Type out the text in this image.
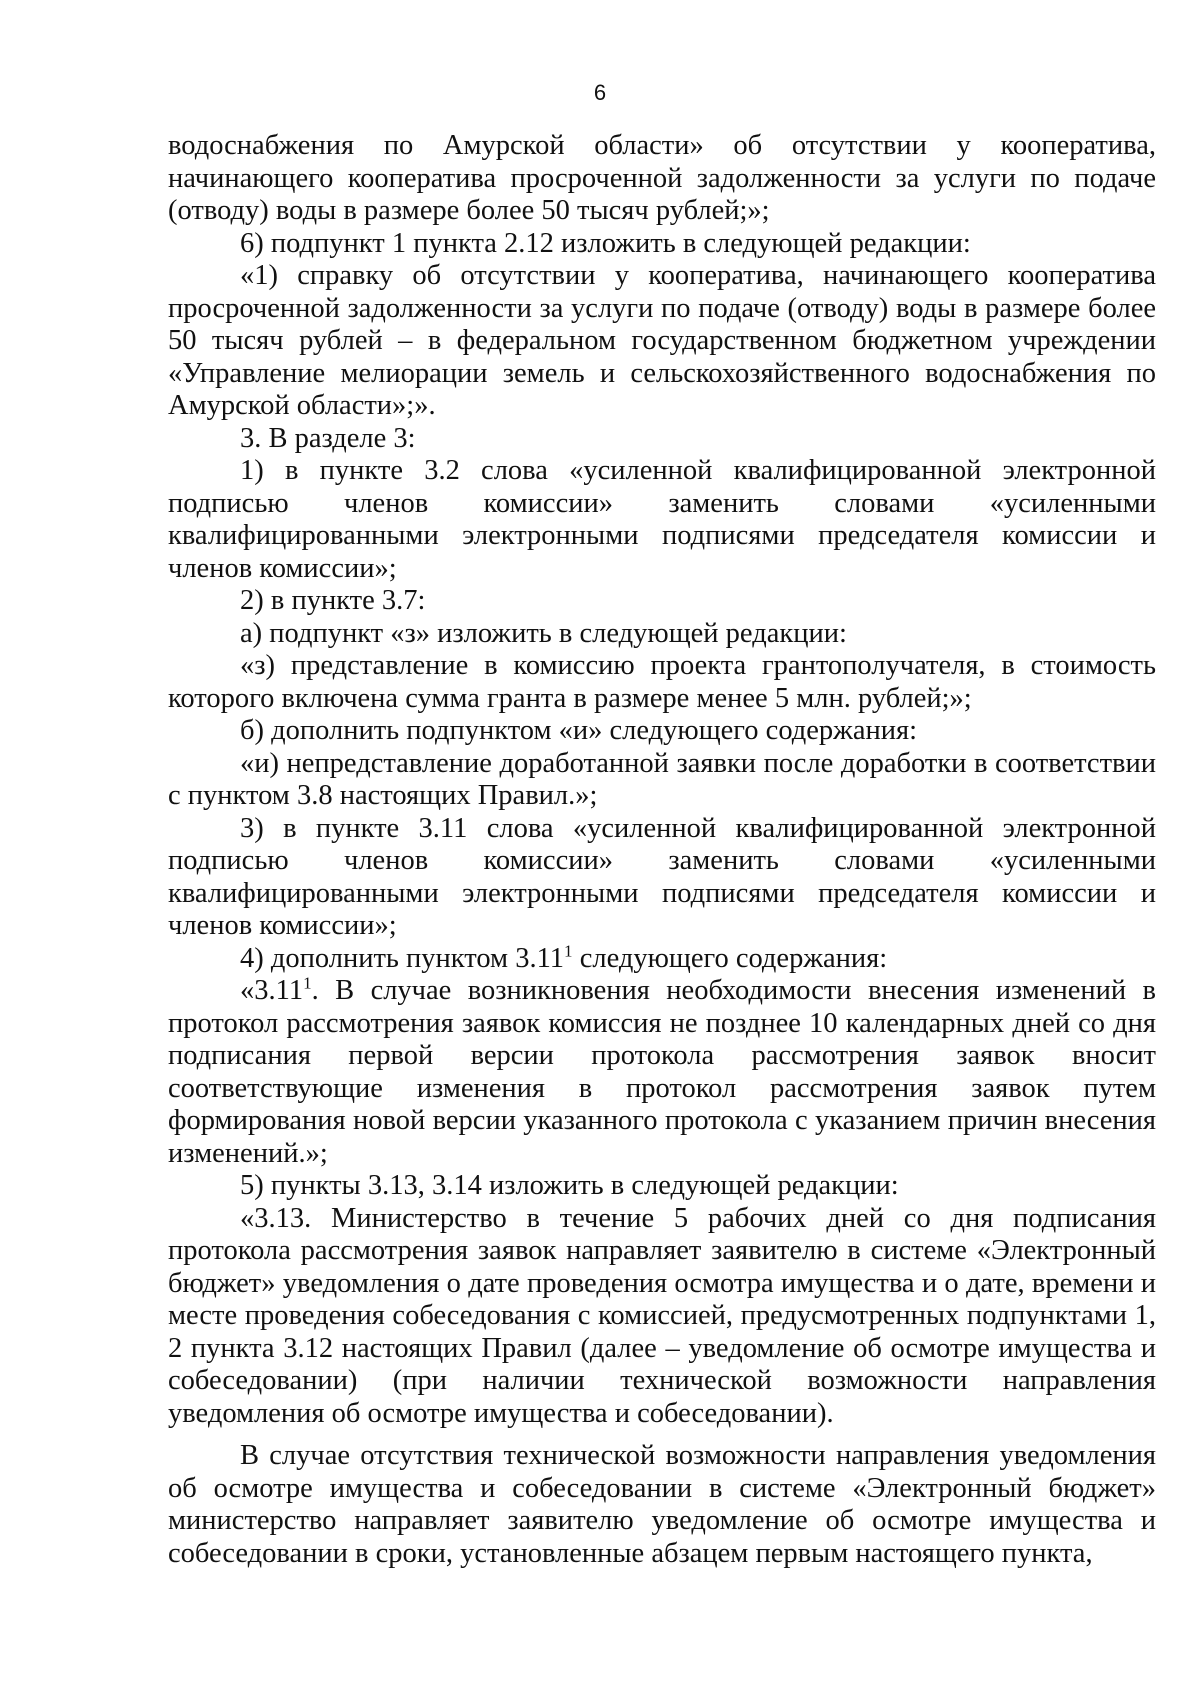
6

водоснабжения по Амурской области» об отсутствии у кооператива, начинающего кооператива просроченной задолженности за услуги по подаче (отводу) воды в размере более 50 тысяч рублей;»;

6) подпункт 1 пункта 2.12 изложить в следующей редакции:

«1) справку об отсутствии у кооператива, начинающего кооператива просроченной задолженности за услуги по подаче (отводу) воды в размере более 50 тысяч рублей – в федеральном государственном бюджетном учреждении «Управление мелиорации земель и сельскохозяйственного водоснабжения по Амурской области»;».

3. В разделе 3:

1) в пункте 3.2 слова «усиленной квалифицированной электронной подписью членов комиссии» заменить словами «усиленными квалифицированными электронными подписями председателя комиссии и членов комиссии»;

2) в пункте 3.7:

а) подпункт «з» изложить в следующей редакции:

«з) представление в комиссию проекта грантополучателя, в стоимость которого включена сумма гранта в размере менее 5 млн. рублей;»;

б) дополнить подпунктом «и» следующего содержания:

«и) непредставление доработанной заявки после доработки в соответствии с пунктом 3.8 настоящих Правил.»;

3) в пункте 3.11 слова «усиленной квалифицированной электронной подписью членов комиссии» заменить словами «усиленными квалифицированными электронными подписями председателя комиссии и членов комиссии»;

4) дополнить пунктом 3.11$^1$ следующего содержания:

«3.11$^1$. В случае возникновения необходимости внесения изменений в протокол рассмотрения заявок комиссия не позднее 10 календарных дней со дня подписания первой версии протокола рассмотрения заявок вносит соответствующие изменения в протокол рассмотрения заявок путем формирования новой версии указанного протокола с указанием причин внесения изменений.»;

5) пункты 3.13, 3.14 изложить в следующей редакции:

«3.13. Министерство в течение 5 рабочих дней со дня подписания протокола рассмотрения заявок направляет заявителю в системе «Электронный бюджет» уведомления о дате проведения осмотра имущества и о дате, времени и месте проведения собеседования с комиссией, предусмотренных подпунктами 1, 2 пункта 3.12 настоящих Правил (далее – уведомление об осмотре имущества и собеседовании) (при наличии технической возможности направления уведомления об осмотре имущества и собеседовании).

В случае отсутствия технической возможности направления уведомления об осмотре имущества и собеседовании в системе «Электронный бюджет» министерство направляет заявителю уведомление об осмотре имущества и собеседовании в сроки, установленные абзацем первым настоящего пункта,
